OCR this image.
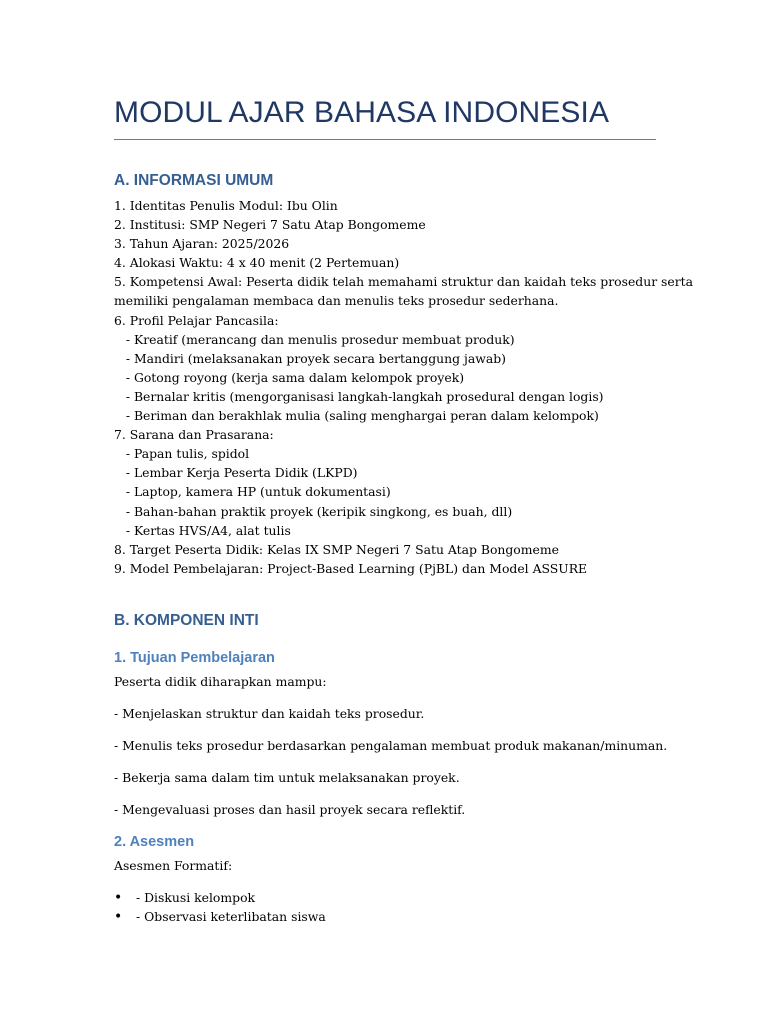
MODUL AJAR BAHASA INDONESIA
A. INFORMASI UMUM
1. Identitas Penulis Modul: Ibu Olin
2. Institusi: SMP Negeri 7 Satu Atap Bongomeme
3. Tahun Ajaran: 2025/2026
4. Alokasi Waktu: 4 x 40 menit (2 Pertemuan)
5. Kompetensi Awal: Peserta didik telah memahami struktur dan kaidah teks prosedur serta
memiliki pengalaman membaca dan menulis teks prosedur sederhana.
6. Profil Pelajar Pancasila:
- Kreatif (merancang dan menulis prosedur membuat produk)
- Mandiri (melaksanakan proyek secara bertanggung jawab)
- Gotong royong (kerja sama dalam kelompok proyek)
- Bernalar kritis (mengorganisasi langkah-langkah prosedural dengan logis)
- Beriman dan berakhlak mulia (saling menghargai peran dalam kelompok)
7. Sarana dan Prasarana:
- Papan tulis, spidol
- Lembar Kerja Peserta Didik (LKPD)
- Laptop, kamera HP (untuk dokumentasi)
- Bahan-bahan praktik proyek (keripik singkong, es buah, dll)
- Kertas HVS/A4, alat tulis
8. Target Peserta Didik: Kelas IX SMP Negeri 7 Satu Atap Bongomeme
9. Model Pembelajaran: Project-Based Learning (PjBL) dan Model ASSURE
B. KOMPONEN INTI
1. Tujuan Pembelajaran
Peserta didik diharapkan mampu:
- Menjelaskan struktur dan kaidah teks prosedur.
- Menulis teks prosedur berdasarkan pengalaman membuat produk makanan/minuman.
- Bekerja sama dalam tim untuk melaksanakan proyek.
- Mengevaluasi proses dan hasil proyek secara reflektif.
2. Asesmen
Asesmen Formatif:
• - Diskusi kelompok
• - Observasi keterlibatan siswa
